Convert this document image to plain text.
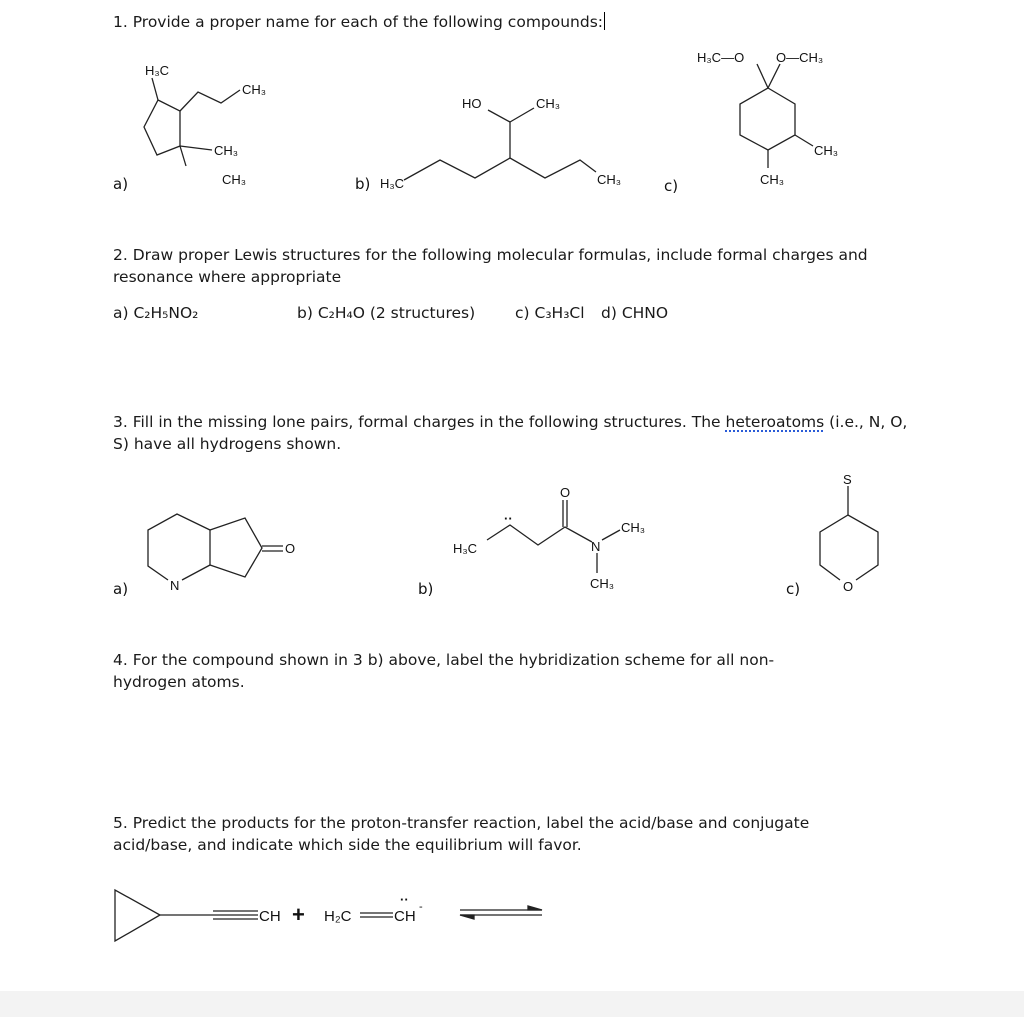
1. Provide a proper name for each of the following compounds:
2. Draw proper Lewis structures for the following molecular formulas, include formal charges and resonance where appropriate
a) C₂H₅NO₂	b) C₂H₄O (2 structures)	c) C₃H₃Cl d) CHNO
3. Fill in the missing lone pairs, formal charges in the following structures. The heteroatoms (i.e., N, O, S) have all hydrogens shown.
4. For the compound shown in 3 b) above, label the hybridization scheme for all non-hydrogen atoms.
5. Predict the products for the proton-transfer reaction, label the acid/base and conjugate acid/base, and indicate which side the equilibrium will favor.
H₃C
CH₃
CH₃
CH₃
a)
HO	CH₃
H₃C	CH₃
b)
H₃C—O O—CH₃
CH₃
CH₃
c)
N
O
a)
··
O
N
CH₃
CH₃
H₃C
b)
S
O
c)
CH + H₂C	CH
·· -
